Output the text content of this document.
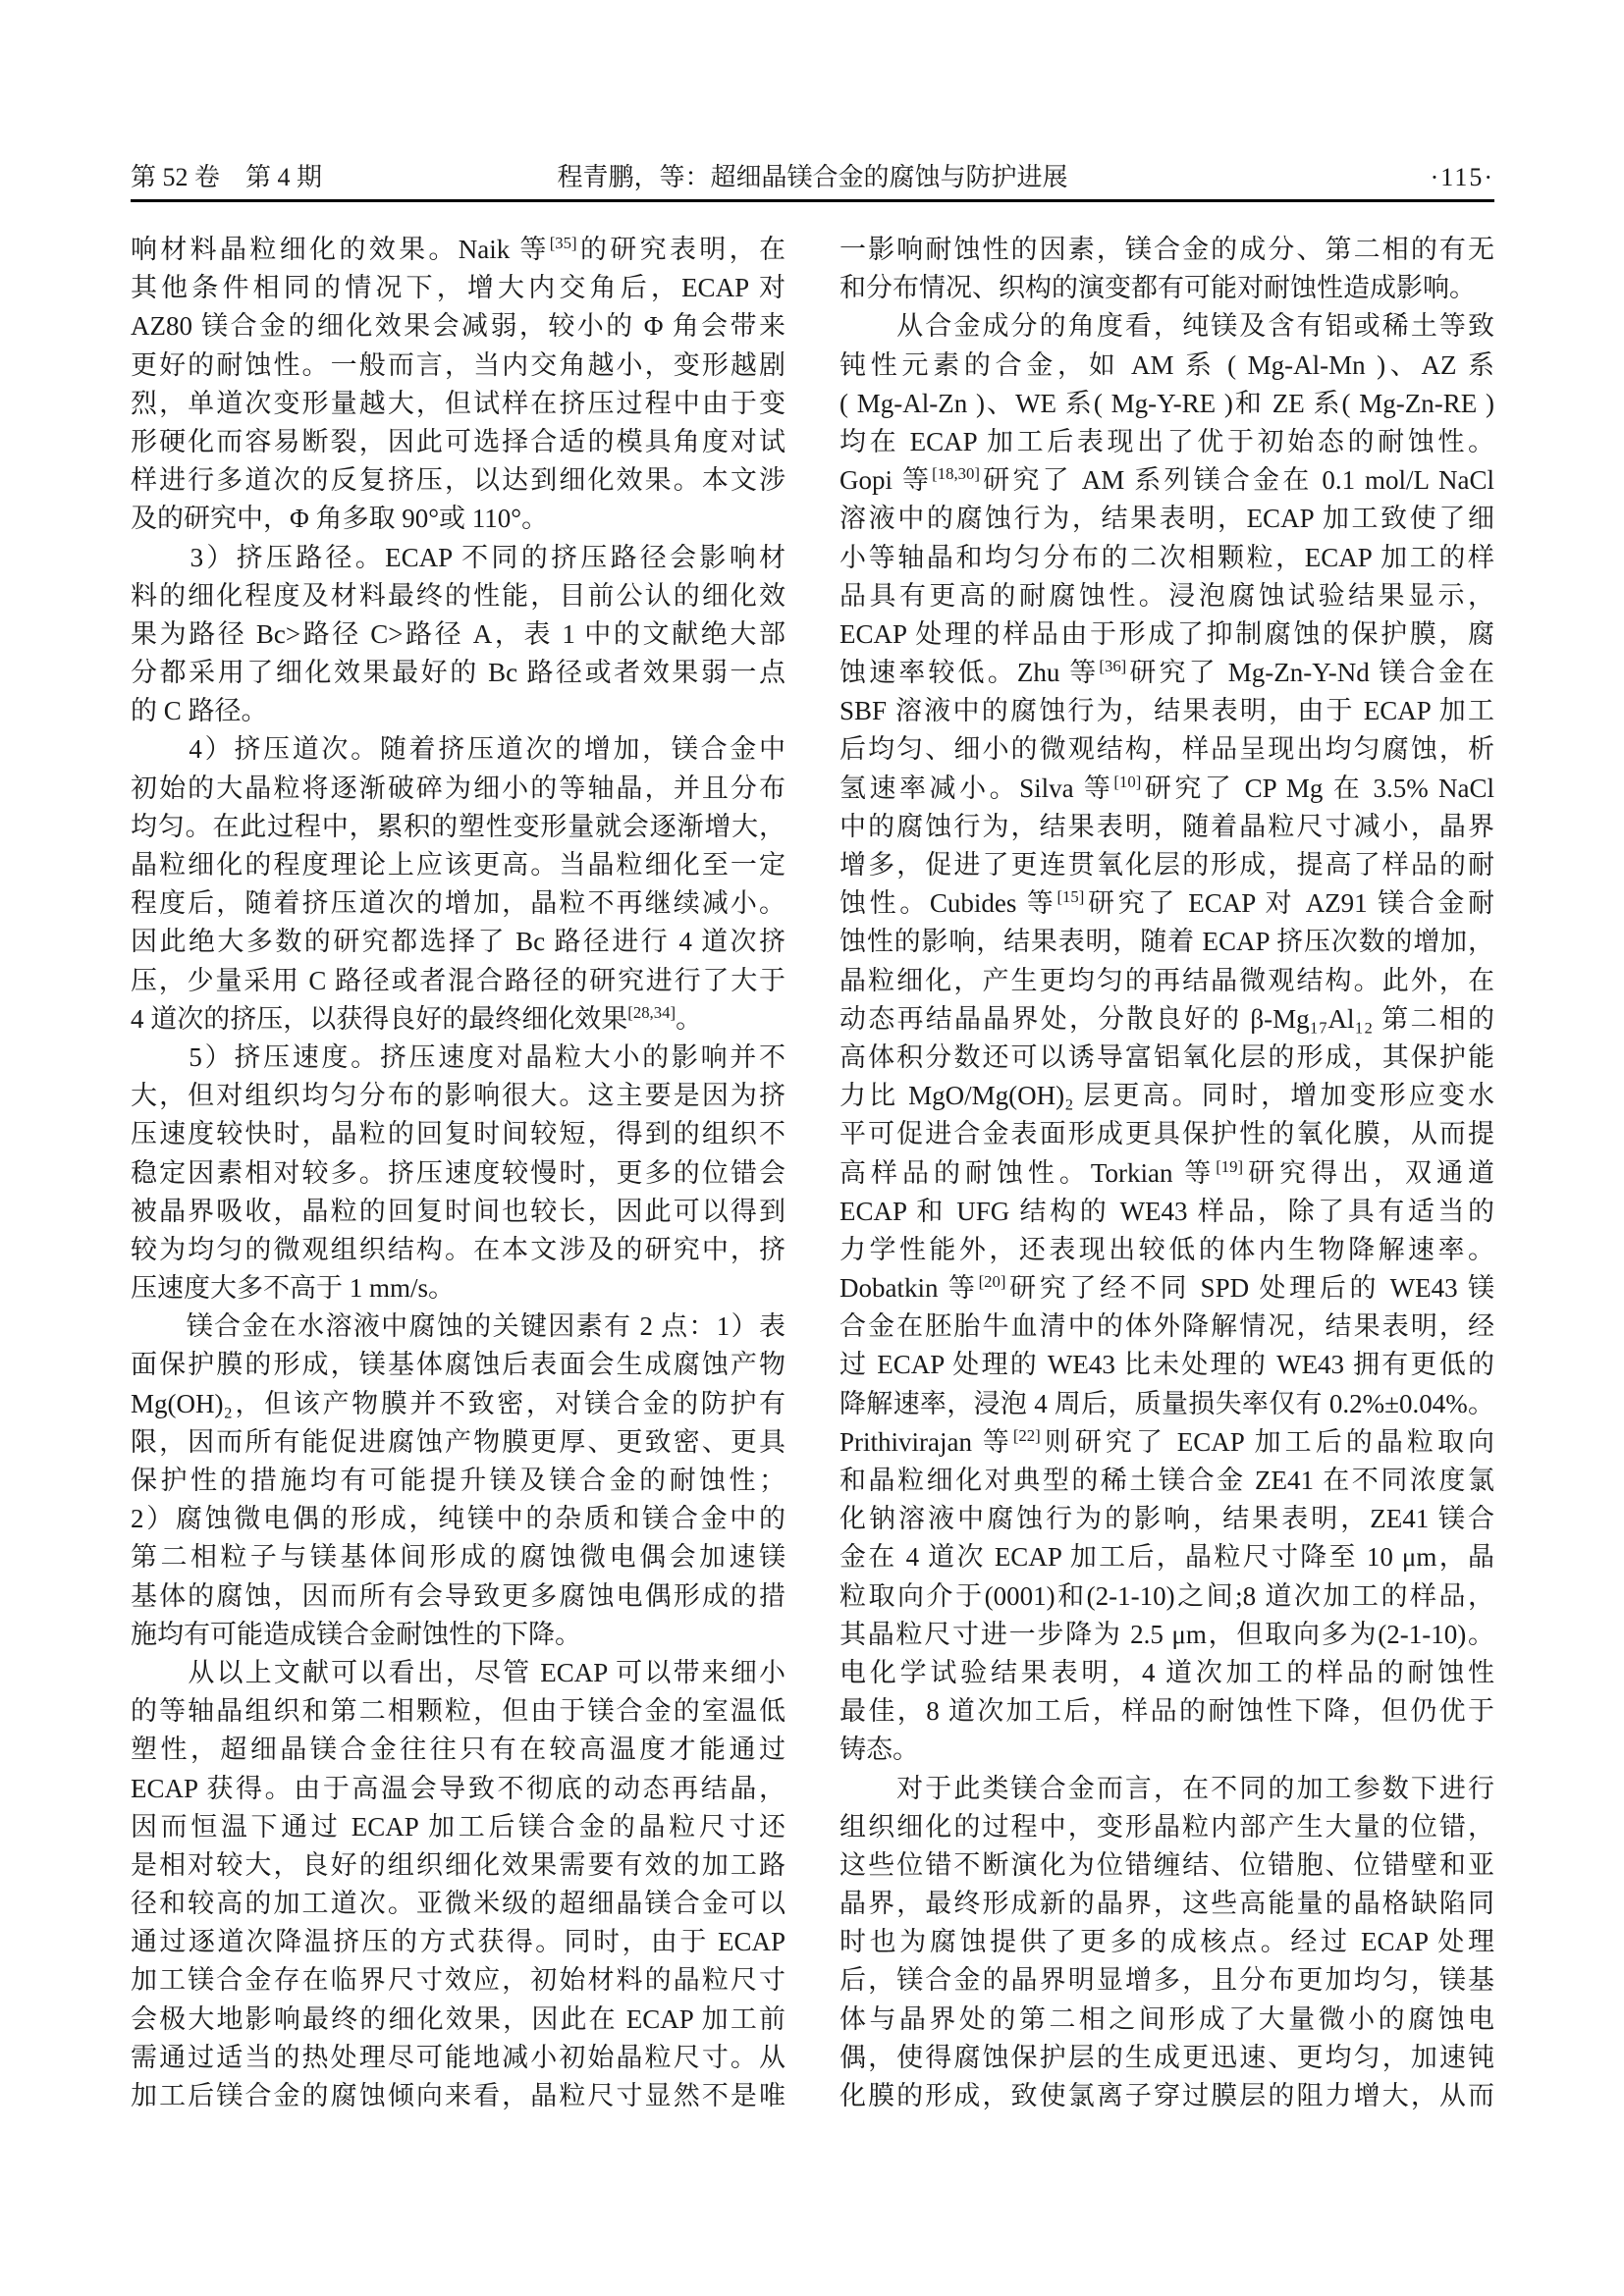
第 52 卷　第 4 期	程青鹏，等：超细晶镁合金的腐蚀与防护进展	·115·
响材料晶粒细化的效果。Naik 等[35]的研究表明，在
其他条件相同的情况下，增大内交角后，ECAP 对
AZ80 镁合金的细化效果会减弱，较小的 Φ 角会带来
更好的耐蚀性。一般而言，当内交角越小，变形越剧
烈，单道次变形量越大，但试样在挤压过程中由于变
形硬化而容易断裂，因此可选择合适的模具角度对试
样进行多道次的反复挤压，以达到细化效果。本文涉
及的研究中，Φ 角多取 90°或 110°。
　　3）挤压路径。ECAP 不同的挤压路径会影响材
料的细化程度及材料最终的性能，目前公认的细化效
果为路径 Bc>路径 C>路径 A，表 1 中的文献绝大部
分都采用了细化效果最好的 Bc 路径或者效果弱一点
的 C 路径。
　　4）挤压道次。随着挤压道次的增加，镁合金中
初始的大晶粒将逐渐破碎为细小的等轴晶，并且分布
均匀。在此过程中，累积的塑性变形量就会逐渐增大，
晶粒细化的程度理论上应该更高。当晶粒细化至一定
程度后，随着挤压道次的增加，晶粒不再继续减小。
因此绝大多数的研究都选择了 Bc 路径进行 4 道次挤
压，少量采用 C 路径或者混合路径的研究进行了大于
4 道次的挤压，以获得良好的最终细化效果[28,34]。
　　5）挤压速度。挤压速度对晶粒大小的影响并不
大，但对组织均匀分布的影响很大。这主要是因为挤
压速度较快时，晶粒的回复时间较短，得到的组织不
稳定因素相对较多。挤压速度较慢时，更多的位错会
被晶界吸收，晶粒的回复时间也较长，因此可以得到
较为均匀的微观组织结构。在本文涉及的研究中，挤
压速度大多不高于 1 mm/s。
　　镁合金在水溶液中腐蚀的关键因素有 2 点：1）表
面保护膜的形成，镁基体腐蚀后表面会生成腐蚀产物
Mg(OH)₂，但该产物膜并不致密，对镁合金的防护有
限，因而所有能促进腐蚀产物膜更厚、更致密、更具
保护性的措施均有可能提升镁及镁合金的耐蚀性；
2）腐蚀微电偶的形成，纯镁中的杂质和镁合金中的
第二相粒子与镁基体间形成的腐蚀微电偶会加速镁
基体的腐蚀，因而所有会导致更多腐蚀电偶形成的措
施均有可能造成镁合金耐蚀性的下降。
　　从以上文献可以看出，尽管 ECAP 可以带来细小
的等轴晶组织和第二相颗粒，但由于镁合金的室温低
塑性，超细晶镁合金往往只有在较高温度才能通过
ECAP 获得。由于高温会导致不彻底的动态再结晶，
因而恒温下通过 ECAP 加工后镁合金的晶粒尺寸还
是相对较大，良好的组织细化效果需要有效的加工路
径和较高的加工道次。亚微米级的超细晶镁合金可以
通过逐道次降温挤压的方式获得。同时，由于 ECAP
加工镁合金存在临界尺寸效应，初始材料的晶粒尺寸
会极大地影响最终的细化效果，因此在 ECAP 加工前
需通过适当的热处理尽可能地减小初始晶粒尺寸。从
加工后镁合金的腐蚀倾向来看，晶粒尺寸显然不是唯
一影响耐蚀性的因素，镁合金的成分、第二相的有无
和分布情况、织构的演变都有可能对耐蚀性造成影响。
　　从合金成分的角度看，纯镁及含有铝或稀土等致
钝性元素的合金，如 AM 系 ( Mg-Al-Mn )、AZ 系
( Mg-Al-Zn )、WE 系( Mg-Y-RE )和 ZE 系( Mg-Zn-RE )
均在 ECAP 加工后表现出了优于初始态的耐蚀性。
Gopi 等[18,30]研究了 AM 系列镁合金在 0.1 mol/L NaCl
溶液中的腐蚀行为，结果表明，ECAP 加工致使了细
小等轴晶和均匀分布的二次相颗粒，ECAP 加工的样
品具有更高的耐腐蚀性。浸泡腐蚀试验结果显示，
ECAP 处理的样品由于形成了抑制腐蚀的保护膜，腐
蚀速率较低。Zhu 等[36]研究了 Mg-Zn-Y-Nd 镁合金在
SBF 溶液中的腐蚀行为，结果表明，由于 ECAP 加工
后均匀、细小的微观结构，样品呈现出均匀腐蚀，析
氢速率减小。Silva 等[10]研究了 CP Mg 在 3.5% NaCl
中的腐蚀行为，结果表明，随着晶粒尺寸减小，晶界
增多，促进了更连贯氧化层的形成，提高了样品的耐
蚀性。Cubides 等[15]研究了 ECAP 对 AZ91 镁合金耐
蚀性的影响，结果表明，随着 ECAP 挤压次数的增加，
晶粒细化，产生更均匀的再结晶微观结构。此外，在
动态再结晶晶界处，分散良好的 β-Mg₁₇Al₁₂ 第二相的
高体积分数还可以诱导富铝氧化层的形成，其保护能
力比 MgO/Mg(OH)₂ 层更高。同时，增加变形应变水
平可促进合金表面形成更具保护性的氧化膜，从而提
高样品的耐蚀性。Torkian 等[19]研究得出，双通道
ECAP 和 UFG 结构的 WE43 样品，除了具有适当的
力学性能外，还表现出较低的体内生物降解速率。
Dobatkin 等[20]研究了经不同 SPD 处理后的 WE43 镁
合金在胚胎牛血清中的体外降解情况，结果表明，经
过 ECAP 处理的 WE43 比未处理的 WE43 拥有更低的
降解速率，浸泡 4 周后，质量损失率仅有 0.2%±0.04%。
Prithivirajan 等[22]则研究了 ECAP 加工后的晶粒取向
和晶粒细化对典型的稀土镁合金 ZE41 在不同浓度氯
化钠溶液中腐蚀行为的影响，结果表明，ZE41 镁合
金在 4 道次 ECAP 加工后，晶粒尺寸降至 10 μm，晶
粒取向介于(0001)和(2-1-10)之间;8 道次加工的样品，
其晶粒尺寸进一步降为 2.5 μm，但取向多为(2-1-10)。
电化学试验结果表明，4 道次加工的样品的耐蚀性
最佳，8 道次加工后，样品的耐蚀性下降，但仍优于
铸态。
　　对于此类镁合金而言，在不同的加工参数下进行
组织细化的过程中，变形晶粒内部产生大量的位错，
这些位错不断演化为位错缠结、位错胞、位错壁和亚
晶界，最终形成新的晶界，这些高能量的晶格缺陷同
时也为腐蚀提供了更多的成核点。经过 ECAP 处理
后，镁合金的晶界明显增多，且分布更加均匀，镁基
体与晶界处的第二相之间形成了大量微小的腐蚀电
偶，使得腐蚀保护层的生成更迅速、更均匀，加速钝
化膜的形成，致使氯离子穿过膜层的阻力增大，从而
